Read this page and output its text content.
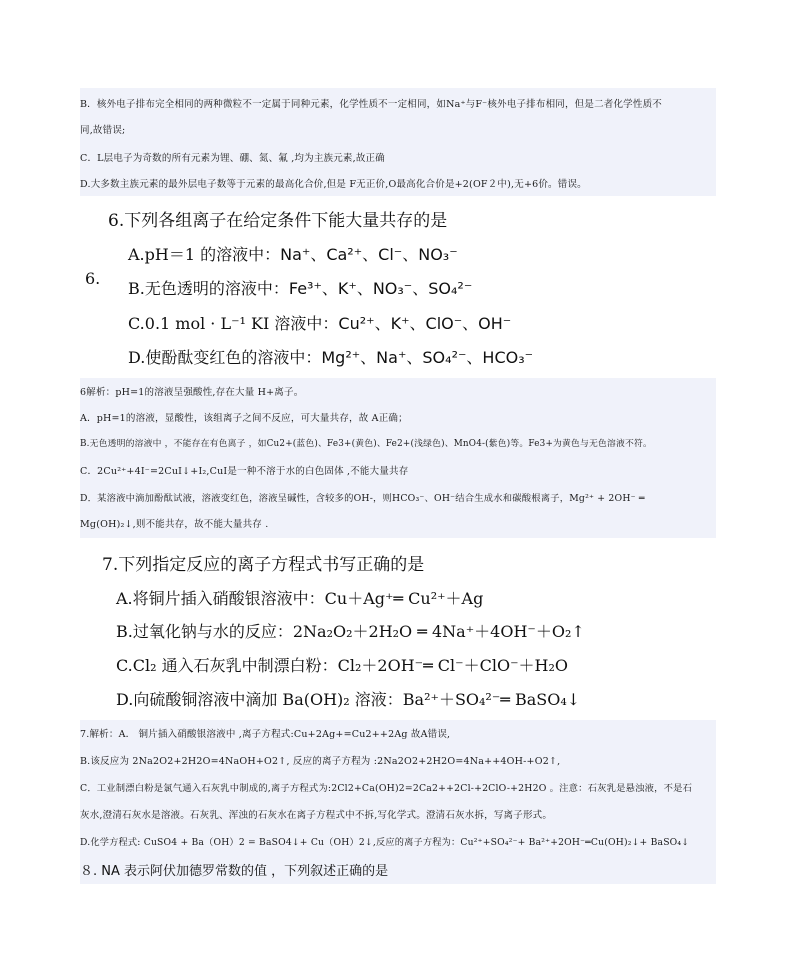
B．核外电子排布完全相同的两种微粒不一定属于同种元素，化学性质不一定相同，如Na⁺与F⁻核外电子排布相同，但是二者化学性质不
同,故错误;
C．L层电子为奇数的所有元素为锂、硼、氮、氟 ,均为主族元素,故正确
D.大多数主族元素的最外层电子数等于元素的最高化合价,但是 F无正价,O最高化合价是+2(OF２中),无+6价。错误。
6.
6.下列各组离子在给定条件下能大量共存的是
A.pH＝1 的溶液中：Na⁺、Ca²⁺、Cl⁻、NO₃⁻
B.无色透明的溶液中：Fe³⁺、K⁺、NO₃⁻、SO₄²⁻
C.0.1 mol · L⁻¹ KI 溶液中：Cu²⁺、K⁺、ClO⁻、OH⁻
D.使酚酞变红色的溶液中：Mg²⁺、Na⁺、SO₄²⁻、HCO₃⁻
6解析：pH=1的溶液呈强酸性,存在大量 H+离子。
A．pH=1的溶液，显酸性，该组离子之间不反应，可大量共存，故 A正确；
B.无色透明的溶液中 ，不能存在有色离子 ，如Cu2+(蓝色)、Fe3+(黄色)、Fe2+(浅绿色)、MnO4-(紫色)等。Fe3+为黄色与无色溶液不符。
C．2Cu²⁺+4I⁻=2CuI↓+I₂,CuI是一种不溶于水的白色固体 ,不能大量共存
D．某溶液中滴加酚酞试液，溶液变红色，溶液呈碱性，含较多的OH-，则HCO₃⁻、OH⁻结合生成水和碳酸根离子，Mg²⁺ + 2OH⁻ ═
Mg(OH)₂↓,则不能共存，故不能大量共存 .
7.下列指定反应的离子方程式书写正确的是
A.将铜片插入硝酸银溶液中：Cu＋Ag⁺═ Cu²⁺＋Ag
B.过氧化钠与水的反应：2Na₂O₂＋2H₂O ═ 4Na⁺＋4OH⁻＋O₂↑
C.Cl₂ 通入石灰乳中制漂白粉：Cl₂＋2OH⁻═ Cl⁻＋ClO⁻＋H₂O
D.向硫酸铜溶液中滴加 Ba(OH)₂ 溶液：Ba²⁺＋SO₄²⁻═ BaSO₄↓
7.解析：A． 铜片插入硝酸银溶液中 ,离子方程式:Cu+2Ag+=Cu2++2Ag 故A错误,
B.该反应为 2Na2O2+2H2O=4NaOH+O2↑, 反应的离子方程为 :2Na2O2+2H2O=4Na++4OH-+O2↑,
C．工业制漂白粉是氯气通入石灰乳中制成的,离子方程式为:2Cl2+Ca(OH)2=2Ca2++2Cl-+2ClO-+2H2O 。注意：石灰乳是悬浊液，不是石
灰水,澄清石灰水是溶液。石灰乳、浑浊的石灰水在离子方程式中不拆,写化学式。澄清石灰水拆，写离子形式。
D.化学方程式: CuSO4 + Ba（OH）2 = BaSO4↓+ Cu（OH）2↓,反应的离子方程为：Cu²⁺+SO₄²⁻+ Ba²⁺+2OH⁻═Cu(OH)₂↓+ BaSO₄↓
８. NA 表示阿伏加德罗常数的值 ，下列叙述正确的是
